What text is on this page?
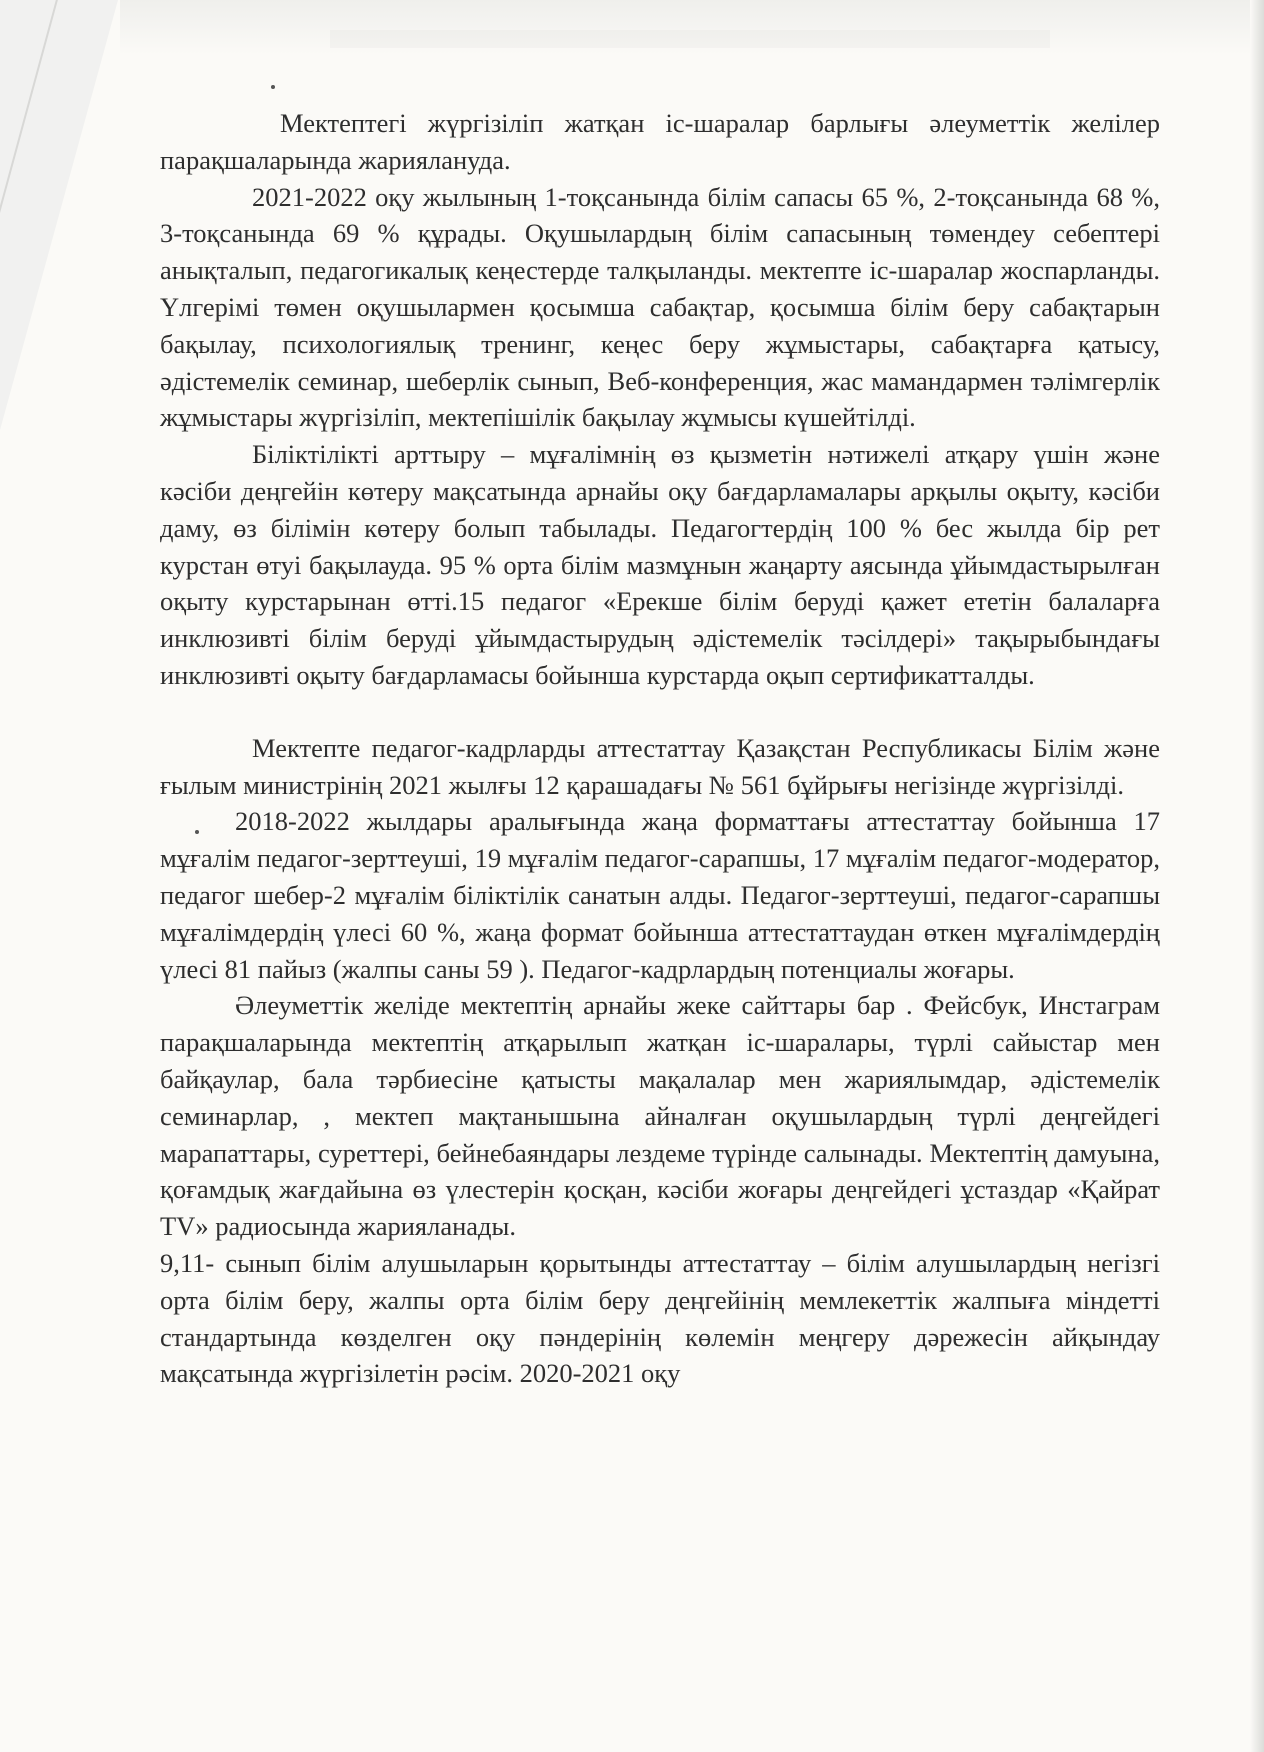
Мектептегі жүргізіліп жатқан іс-шаралар барлығы әлеуметтік желілер парақшаларында жариялануда.

2021-2022 оқу жылының 1-тоқсанында білім сапасы 65 %, 2-тоқсанында 68 %, 3-тоқсанында 69 % құрады. Оқушылардың білім сапасының төмендеу себептері анықталып, педагогикалық кеңестерде талқыланды. мектепте іс-шаралар жоспарланды. Үлгерімі төмен оқушылармен қосымша сабақтар, қосымша білім беру сабақтарын бақылау, психологиялық тренинг, кеңес беру жұмыстары, сабақтарға қатысу, әдістемелік семинар, шеберлік сынып, Веб-конференция, жас мамандармен тәлімгерлік жұмыстары жүргізіліп, мектепішілік бақылау жұмысы күшейтілді.

Біліктілікті арттыру – мұғалімнің өз қызметін нәтижелі атқару үшін және кәсіби деңгейін көтеру мақсатында арнайы оқу бағдарламалары арқылы оқыту, кәсіби даму, өз білімін көтеру болып табылады. Педагогтердің 100 % бес жылда бір рет курстан өтуі бақылауда. 95 % орта білім мазмұнын жаңарту аясында ұйымдастырылған оқыту курстарынан өтті.15 педагог «Ерекше білім беруді қажет ететін балаларға инклюзивті білім беруді ұйымдастырудың әдістемелік тәсілдері» тақырыбындағы инклюзивті оқыту бағдарламасы бойынша курстарда оқып сертификатталды.

Мектепте педагог-кадрларды аттестаттау Қазақстан Республикасы Білім және ғылым министрінің 2021 жылғы 12 қарашадағы № 561 бұйрығы негізінде жүргізілді.

2018-2022 жылдары аралығында жаңа форматтағы аттестаттау бойынша 17 мұғалім педагог-зерттеуші, 19 мұғалім педагог-сарапшы, 17 мұғалім педагог-модератор, педагог шебер-2 мұғалім біліктілік санатын алды. Педагог-зерттеуші, педагог-сарапшы мұғалімдердің үлесі 60 %, жаңа формат бойынша аттестаттаудан өткен мұғалімдердің үлесі 81 пайыз (жалпы саны 59 ). Педагог-кадрлардың потенциалы жоғары.

Әлеуметтік желіде мектептің арнайы жеке сайттары бар . Фейсбук, Инстаграм парақшаларында мектептің атқарылып жатқан іс-шаралары, түрлі сайыстар мен байқаулар, бала тәрбиесіне қатысты мақалалар мен жариялымдар, әдістемелік семинарлар, , мектеп мақтанышына айналған оқушылардың түрлі деңгейдегі марапаттары, суреттері, бейнебаяндары лездеме түрінде салынады. Мектептің дамуына, қоғамдық жағдайына өз үлестерін қосқан, кәсіби жоғары деңгейдегі ұстаздар «Қайрат TV» радиосында жарияланады.

9,11- сынып білім алушыларын қорытынды аттестаттау – білім алушылардың негізгі орта білім беру, жалпы орта білім беру деңгейінің мемлекеттік жалпыға міндетті стандартында көзделген оқу пәндерінің көлемін меңгеру дәрежесін айқындау мақсатында жүргізілетін рәсім. 2020-2021 оқу
